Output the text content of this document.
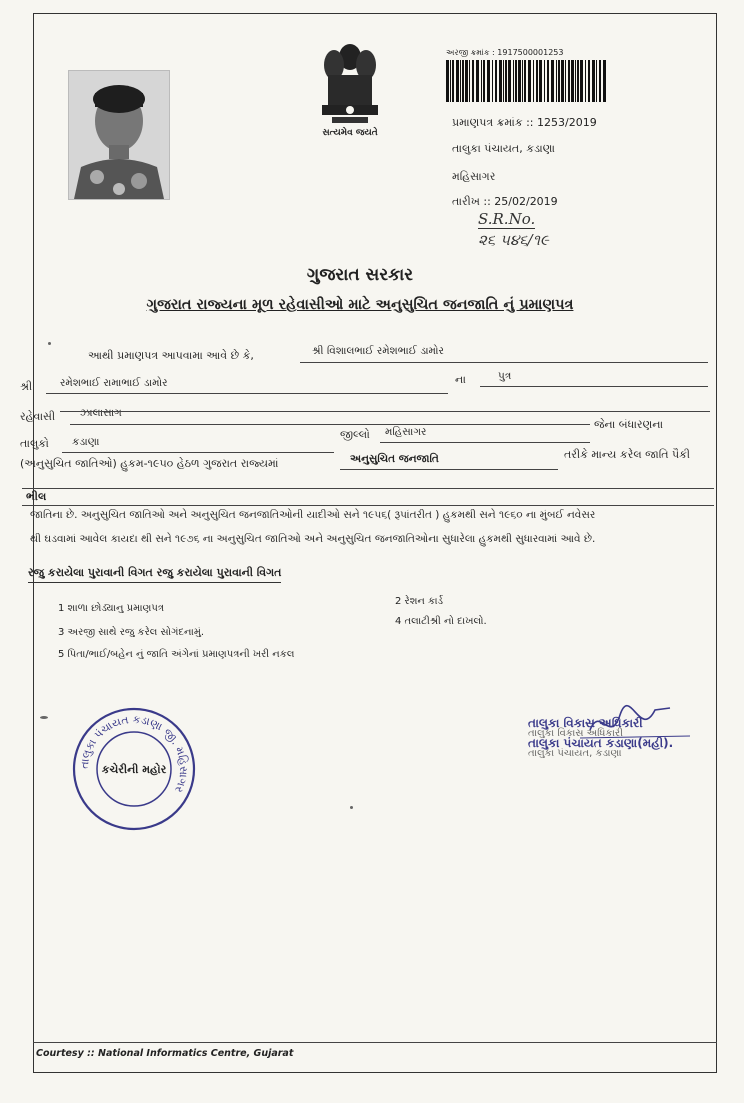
સત્યમેવ જયતે
અરજી ક્રમાંક : 1917500001253
પ્રમાણપત્ર ક્રમાંક :: 1253/2019
તાલુકા પંચાયત, કડાણા
મહિસાગર
તારીખ :: 25/02/2019
S.R.No.

૨૬ ૫૪૬/૧૯
ગુજરાત સરકાર
ગુજરાત રાજ્યના મૂળ રહેવાસીઓ માટે અનુસુચિત જનજાતિ નું પ્રમાણપત્ર
આથી પ્રમાણપત્ર આપવામા આવે છે કે,	શ્રી વિશાલભાઈ રમેશભાઈ ડામોર
શ્રી	રમેશભાઈ રામાભાઈ ડામોર	ના	પુત્ર
રહેવાસી ઝાલાસાગ
જેના બંધારણના
તાલુકો કડાણા
જીલ્લો મહિસાગર
(અનુસુચિત જાતિઓ) હુકમ-૧૯૫૦ હેઠળ ગુજરાત રાજ્યમાં	અનુસુચિત જનજાતિ	તરીકે માન્ય કરેલ જાતિ પૈકી
ભીલ
જાતિના છે. અનુસુચિત જાતિઓ અને અનુસુચિત જનજાતિઓની યાદીઓ સને ૧૯૫૬( રૂપાંતરીત ) હુકમથી સને ૧૯૬૦ ના મુંબઈ નવેસર
થી ઘડવામાં આવેલ કાયદા થી સને ૧૯૭૬ ના અનુસુચિત જાતિઓ અને અનુસુચિત જનજાતિઓના સુધારેલા હુકમથી સુધારવામાં આવે છે.
રજુ કરાયેલા પુરાવાની વિગત રજુ કરાયેલા પુરાવાની વિગત
1 શાળા છોડ્યાનુ પ્રમાણપત્ર
2 રેશન કાર્ડ
3 અરજી સાથે રજુ કરેલ સોગંદનામું.
4 તલાટીશ્રી નો દાખલો.
5 પિતા/ભાઈ/બહેન નું જાતિ અંગેનાં પ્રમાણપત્રની ખરી નકલ
તાલુકા પંચાયત કડાણા જી. મહિસાગર
કચેરીની મહોર
તાલુકા વિકાસ અધિકારી
તાલુકા પંચાયત કડાણા(મહી).
તાલુકા વિકાસ અધિકારી
તાલુકા પંચાયત, કડાણા
Courtesy :: National Informatics Centre, Gujarat
